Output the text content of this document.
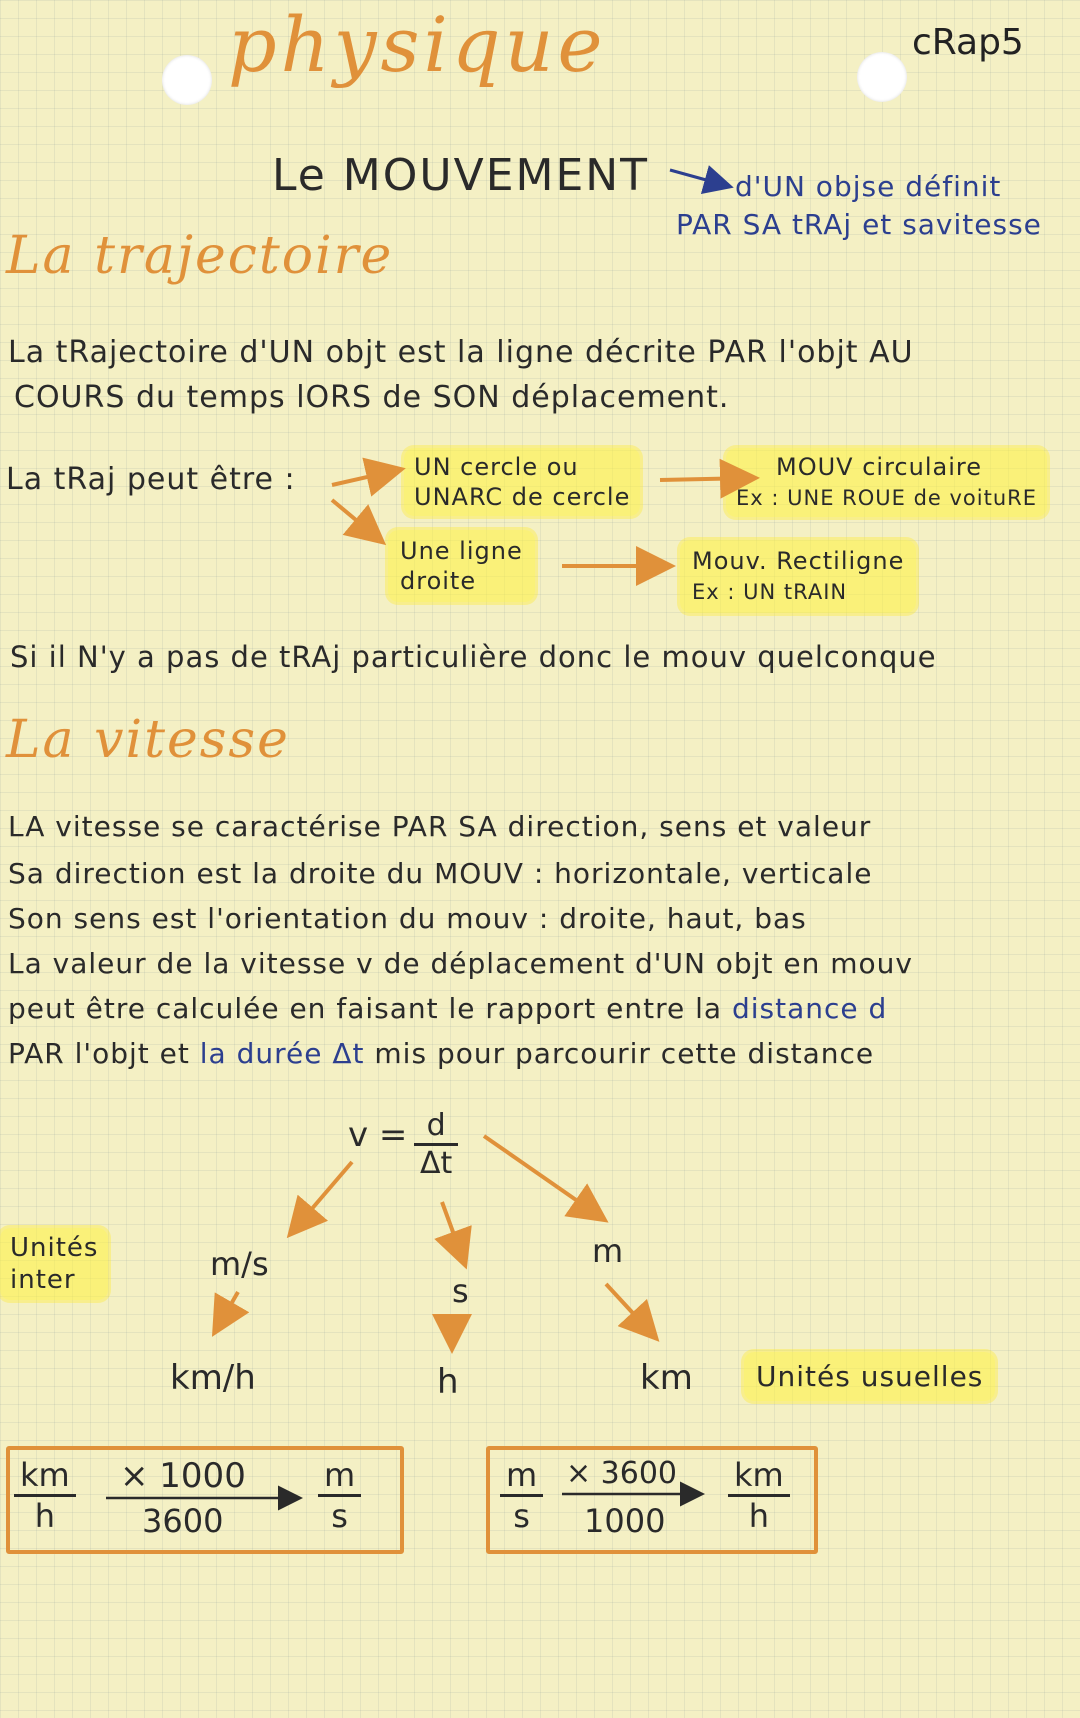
physique	cRap5
Le MOUVEMENT	d'UN objse définit
PAR SA tRAj et savitesse
La trajectoire
La tRajectoire d'UN objt est la ligne décrite PAR l'objt AU
COURS du temps lORS de SON déplacement.
La tRaj peut être :	UN cercle ou
UNARC de cercle
MOUV circulaire
Ex : UNE ROUE de voituRE
Une ligne
droite
Mouv. Rectiligne
Ex : UN tRAIN
Si il N'y a pas de tRAj particulière donc le mouv quelconque
La vitesse
LA vitesse se caractérise PAR SA direction, sens et valeur
Sa direction est la droite du MOUV : horizontale, verticale
Son sens est l'orientation du mouv : droite, haut, bas
La valeur de la vitesse v de déplacement d'UN objt en mouv
peut être calculée en faisant le rapport entre la distance d
PAR l'objt et la durée Δt mis pour parcourir cette distance
$v = \frac{d}{\Delta t}$
Unités
inter	m/s
s
m
km/h	h	km	Unités usuelles
$\frac{km}{h} \times 1000$
3600	$\frac{m}{s}$	$\frac{m}{s} \times 3600$
$1000 \frac{km}{h}$
